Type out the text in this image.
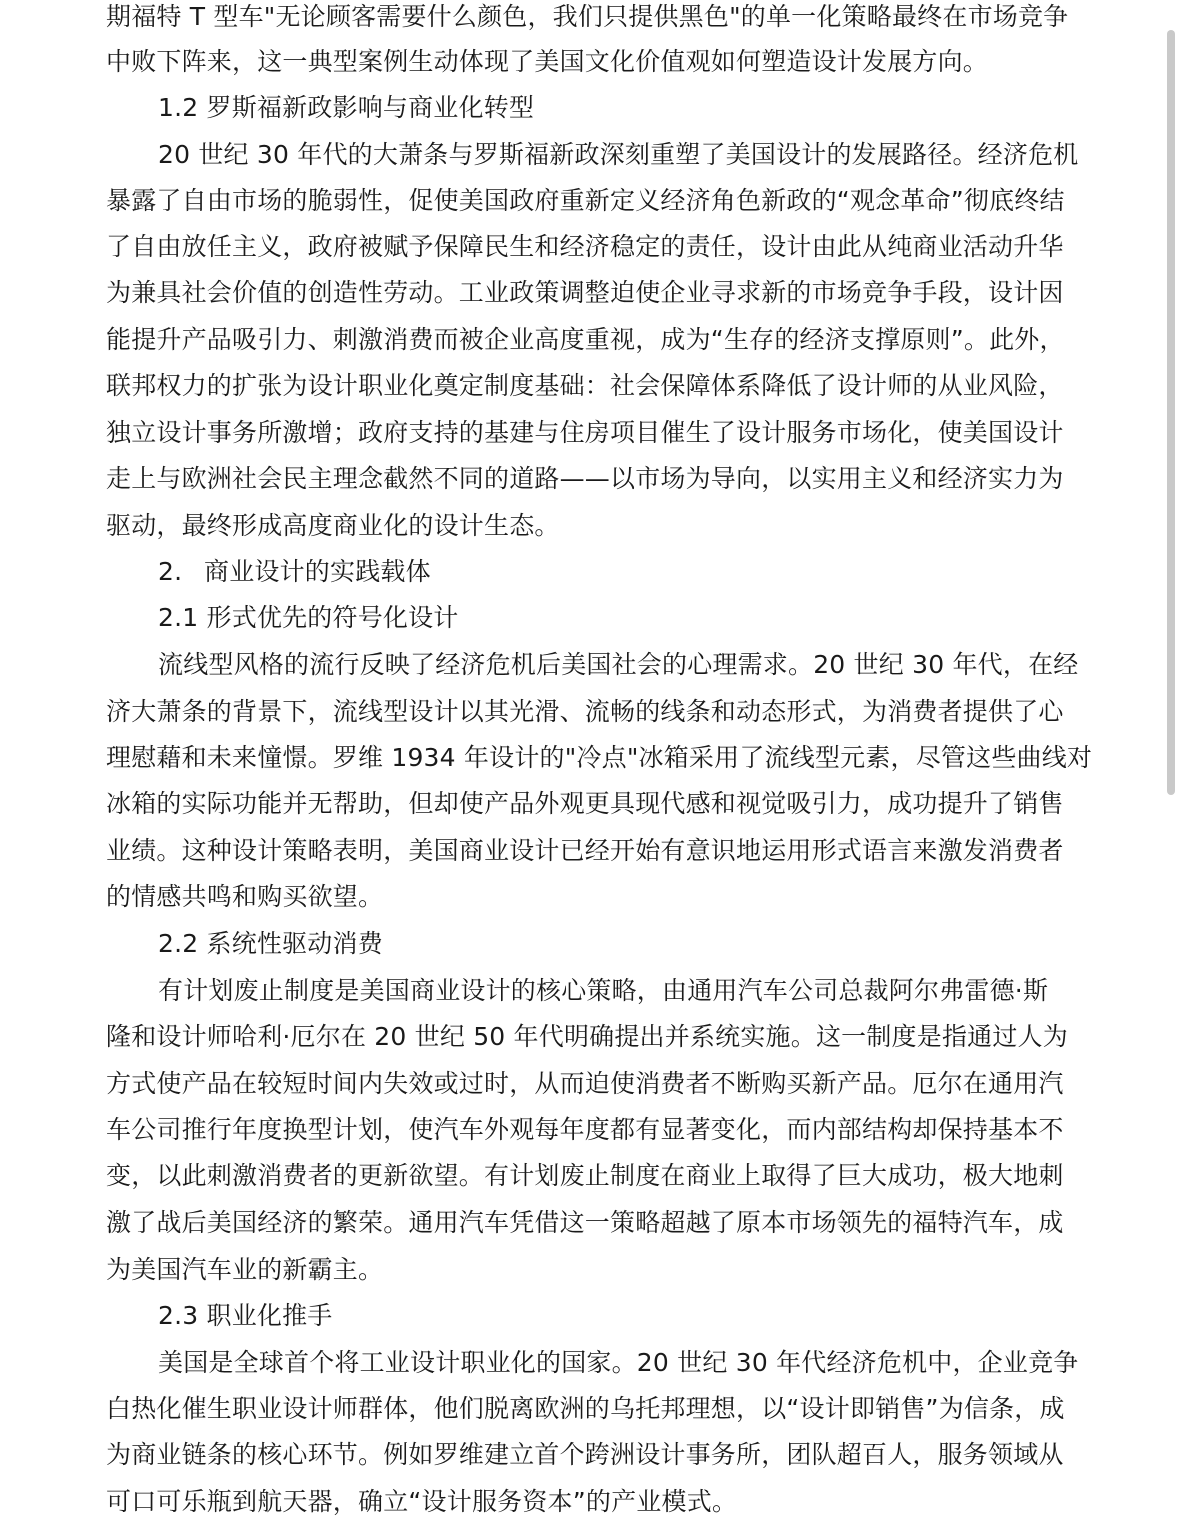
期福特 T 型车"无论顾客需要什么颜色，我们只提供黑色"的单一化策略最终在市场竞争
中败下阵来，这一典型案例生动体现了美国文化价值观如何塑造设计发展方向。
1.2 罗斯福新政影响与商业化转型
20 世纪 30 年代的大萧条与罗斯福新政深刻重塑了美国设计的发展路径。经济危机
暴露了自由市场的脆弱性，促使美国政府重新定义经济角色新政的“观念革命”彻底终结
了自由放任主义，政府被赋予保障民生和经济稳定的责任，设计由此从纯商业活动升华
为兼具社会价值的创造性劳动。工业政策调整迫使企业寻求新的市场竞争手段，设计因
能提升产品吸引力、刺激消费而被企业高度重视，成为“生存的经济支撑原则”。此外，
联邦权力的扩张为设计职业化奠定制度基础：社会保障体系降低了设计师的从业风险，
独立设计事务所激增；政府支持的基建与住房项目催生了设计服务市场化，使美国设计
走上与欧洲社会民主理念截然不同的道路——以市场为导向，以实用主义和经济实力为
驱动，最终形成高度商业化的设计生态。
2. 商业设计的实践载体
2.1 形式优先的符号化设计
流线型风格的流行反映了经济危机后美国社会的心理需求。20 世纪 30 年代，在经
济大萧条的背景下，流线型设计以其光滑、流畅的线条和动态形式，为消费者提供了心
理慰藉和未来憧憬。罗维 1934 年设计的"冷点"冰箱采用了流线型元素，尽管这些曲线对
冰箱的实际功能并无帮助，但却使产品外观更具现代感和视觉吸引力，成功提升了销售
业绩。这种设计策略表明，美国商业设计已经开始有意识地运用形式语言来激发消费者
的情感共鸣和购买欲望。
2.2 系统性驱动消费
有计划废止制度是美国商业设计的核心策略，由通用汽车公司总裁阿尔弗雷德·斯
隆和设计师哈利·厄尔在 20 世纪 50 年代明确提出并系统实施。这一制度是指通过人为
方式使产品在较短时间内失效或过时，从而迫使消费者不断购买新产品。厄尔在通用汽
车公司推行年度换型计划，使汽车外观每年度都有显著变化，而内部结构却保持基本不
变，以此刺激消费者的更新欲望。有计划废止制度在商业上取得了巨大成功，极大地刺
激了战后美国经济的繁荣。通用汽车凭借这一策略超越了原本市场领先的福特汽车，成
为美国汽车业的新霸主。
2.3 职业化推手
美国是全球首个将工业设计职业化的国家。20 世纪 30 年代经济危机中，企业竞争
白热化催生职业设计师群体，他们脱离欧洲的乌托邦理想，以“设计即销售”为信条，成
为商业链条的核心环节。例如罗维建立首个跨洲设计事务所，团队超百人，服务领域从
可口可乐瓶到航天器，确立“设计服务资本”的产业模式。
